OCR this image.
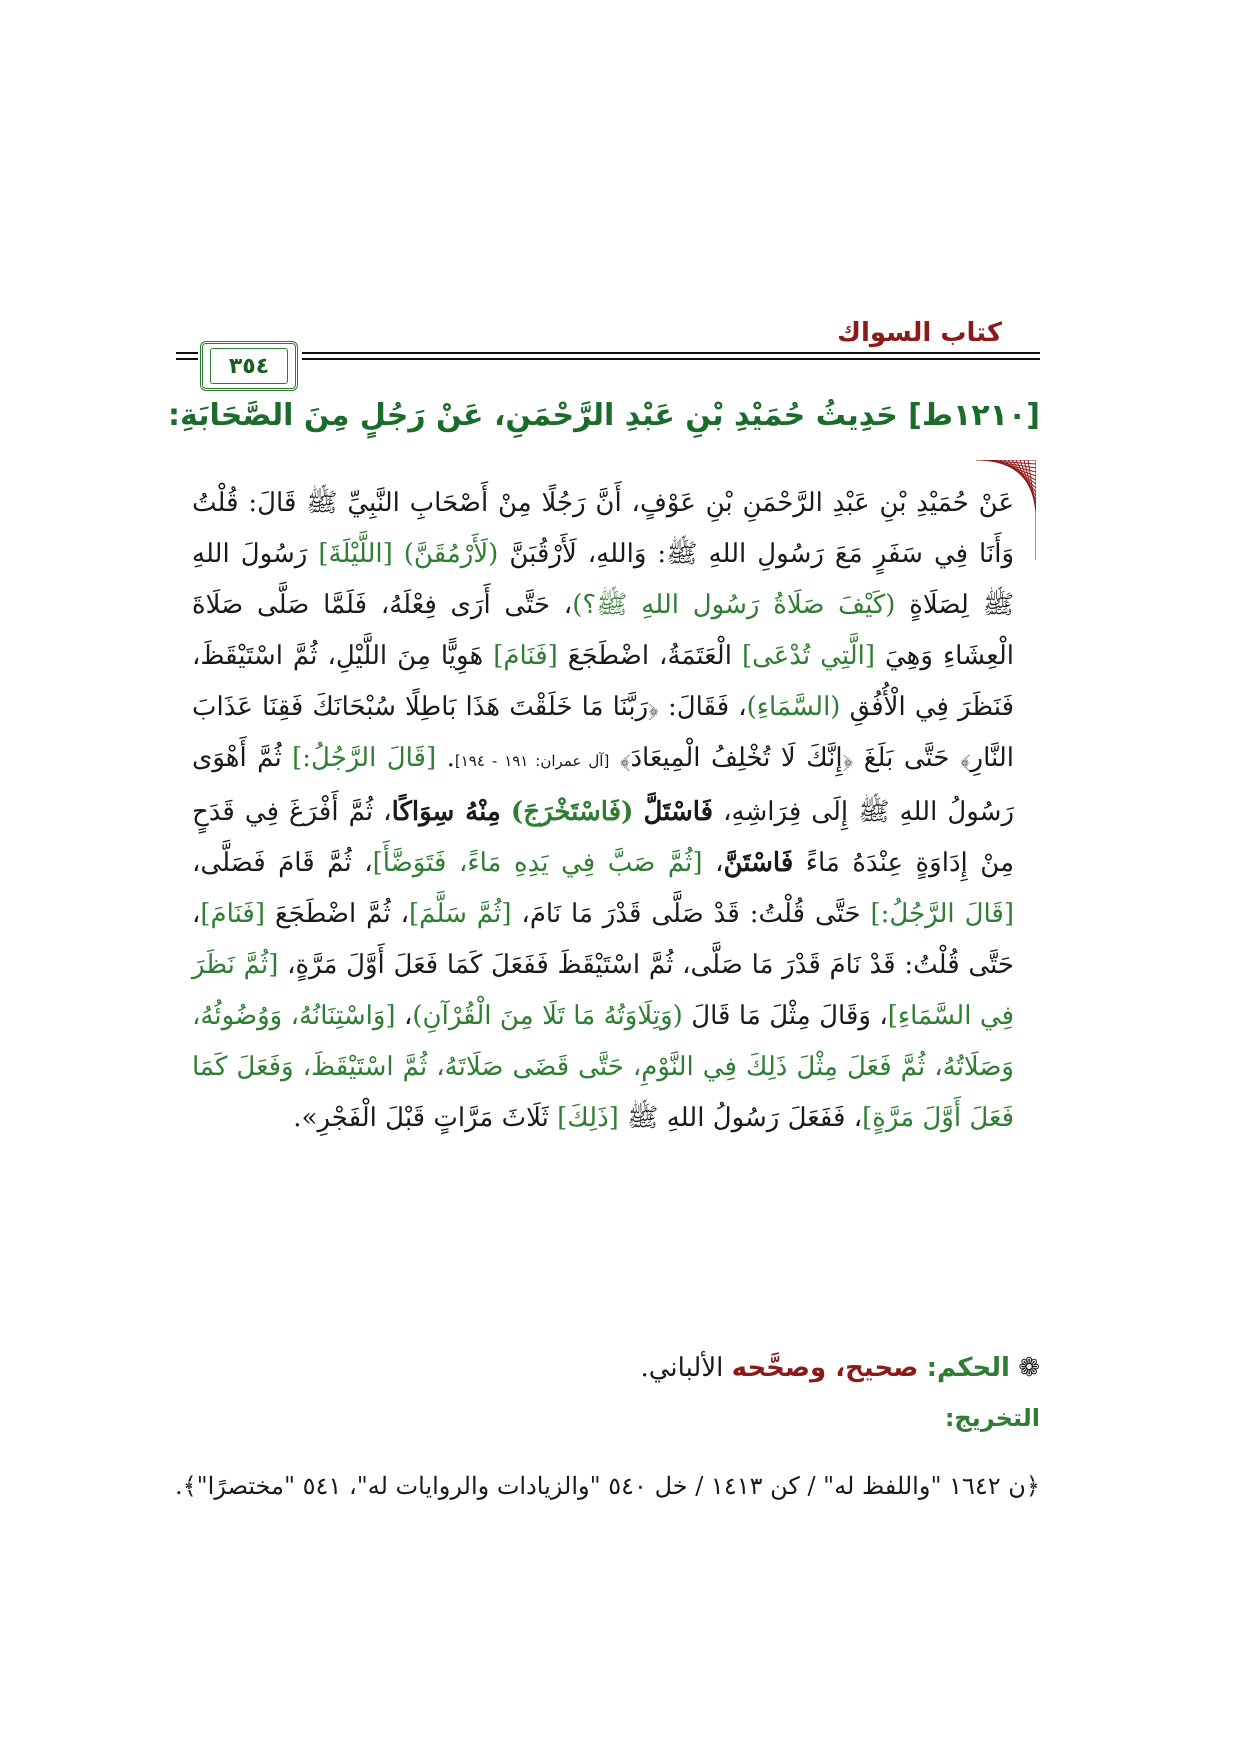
كتاب السواك
٣٥٤
[١٢١٠ط] حَدِيثُ حُمَيْدِ بْنِ عَبْدِ الرَّحْمَنِ، عَنْ رَجُلٍ مِنَ الصَّحَابَةِ:
عَنْ حُمَيْدِ بْنِ عَبْدِ الرَّحْمَنِ بْنِ عَوْفٍ، أَنَّ رَجُلًا مِنْ أَصْحَابِ النَّبِيِّ ﷺ قَالَ: قُلْتُ وَأَنَا فِي سَفَرٍ مَعَ رَسُولِ اللهِ ﷺ: وَاللهِ، لَأَرْقُبَنَّ (لَأَرْمُقَنَّ) [اللَّيْلَةَ] رَسُولَ اللهِ ﷺ لِصَلَاةٍ (كَيْفَ صَلَاةُ رَسُول اللهِ ﷺ؟)، حَتَّى أَرَى فِعْلَهُ، فَلَمَّا صَلَّى صَلَاةَ الْعِشَاءِ وَهِيَ [الَّتِي تُدْعَى] الْعَتَمَةُ، اضْطَجَعَ [فَنَامَ] هَوِيًّا مِنَ اللَّيْلِ، ثُمَّ اسْتَيْقَظَ، فَنَظَرَ فِي الْأُفُقِ (السَّمَاءِ)، فَقَالَ: ﴿رَبَّنَا مَا خَلَقْتَ هَذَا بَاطِلًا سُبْحَانَكَ فَقِنَا عَذَابَ النَّارِ﴾ حَتَّى بَلَغَ ﴿إِنَّكَ لَا تُخْلِفُ الْمِيعَادَ﴾ [آل عمران: ١٩١ - ١٩٤]. [قَالَ الرَّجُلُ:] ثُمَّ أَهْوَى رَسُولُ اللهِ ﷺ إِلَى فِرَاشِهِ، فَاسْتَلَّ (فَاسْتَخْرَجَ) مِنْهُ سِوَاكًا، ثُمَّ أَفْرَغَ فِي قَدَحٍ مِنْ إِدَاوَةٍ عِنْدَهُ مَاءً فَاسْتَنَّ، [ثُمَّ صَبَّ فِي يَدِهِ مَاءً، فَتَوَضَّأَ]، ثُمَّ قَامَ فَصَلَّى، [قَالَ الرَّجُلُ:] حَتَّى قُلْتُ: قَدْ صَلَّى قَدْرَ مَا نَامَ، [ثُمَّ سَلَّمَ]، ثُمَّ اضْطَجَعَ [فَنَامَ]، حَتَّى قُلْتُ: قَدْ نَامَ قَدْرَ مَا صَلَّى، ثُمَّ اسْتَيْقَظَ فَفَعَلَ كَمَا فَعَلَ أَوَّلَ مَرَّةٍ، [ثُمَّ نَظَرَ فِي السَّمَاءِ]، وَقَالَ مِثْلَ مَا قَالَ (وَتِلَاوَتُهُ مَا تَلَا مِنَ الْقُرْآنِ)، [وَاسْتِنَانُهُ، وَوُضُوئُهُ، وَصَلَاتُهُ، ثُمَّ فَعَلَ مِثْلَ ذَلِكَ فِي النَّوْمِ، حَتَّى قَضَى صَلَاتَهُ، ثُمَّ اسْتَيْقَظَ، وَفَعَلَ كَمَا فَعَلَ أَوَّلَ مَرَّةٍ]، فَفَعَلَ رَسُولُ اللهِ ﷺ [ذَلِكَ] ثَلَاثَ مَرَّاتٍ قَبْلَ الْفَجْرِ».
❁ الحكم: صحيح، وصحَّحه الألباني.
التخريج:
﴿ن ١٦٤٢ "واللفظ له" / كن ١٤١٣ / خل ٥٤٠ "والزيادات والروايات له"، ٥٤١ "مختصرًا"﴾.
